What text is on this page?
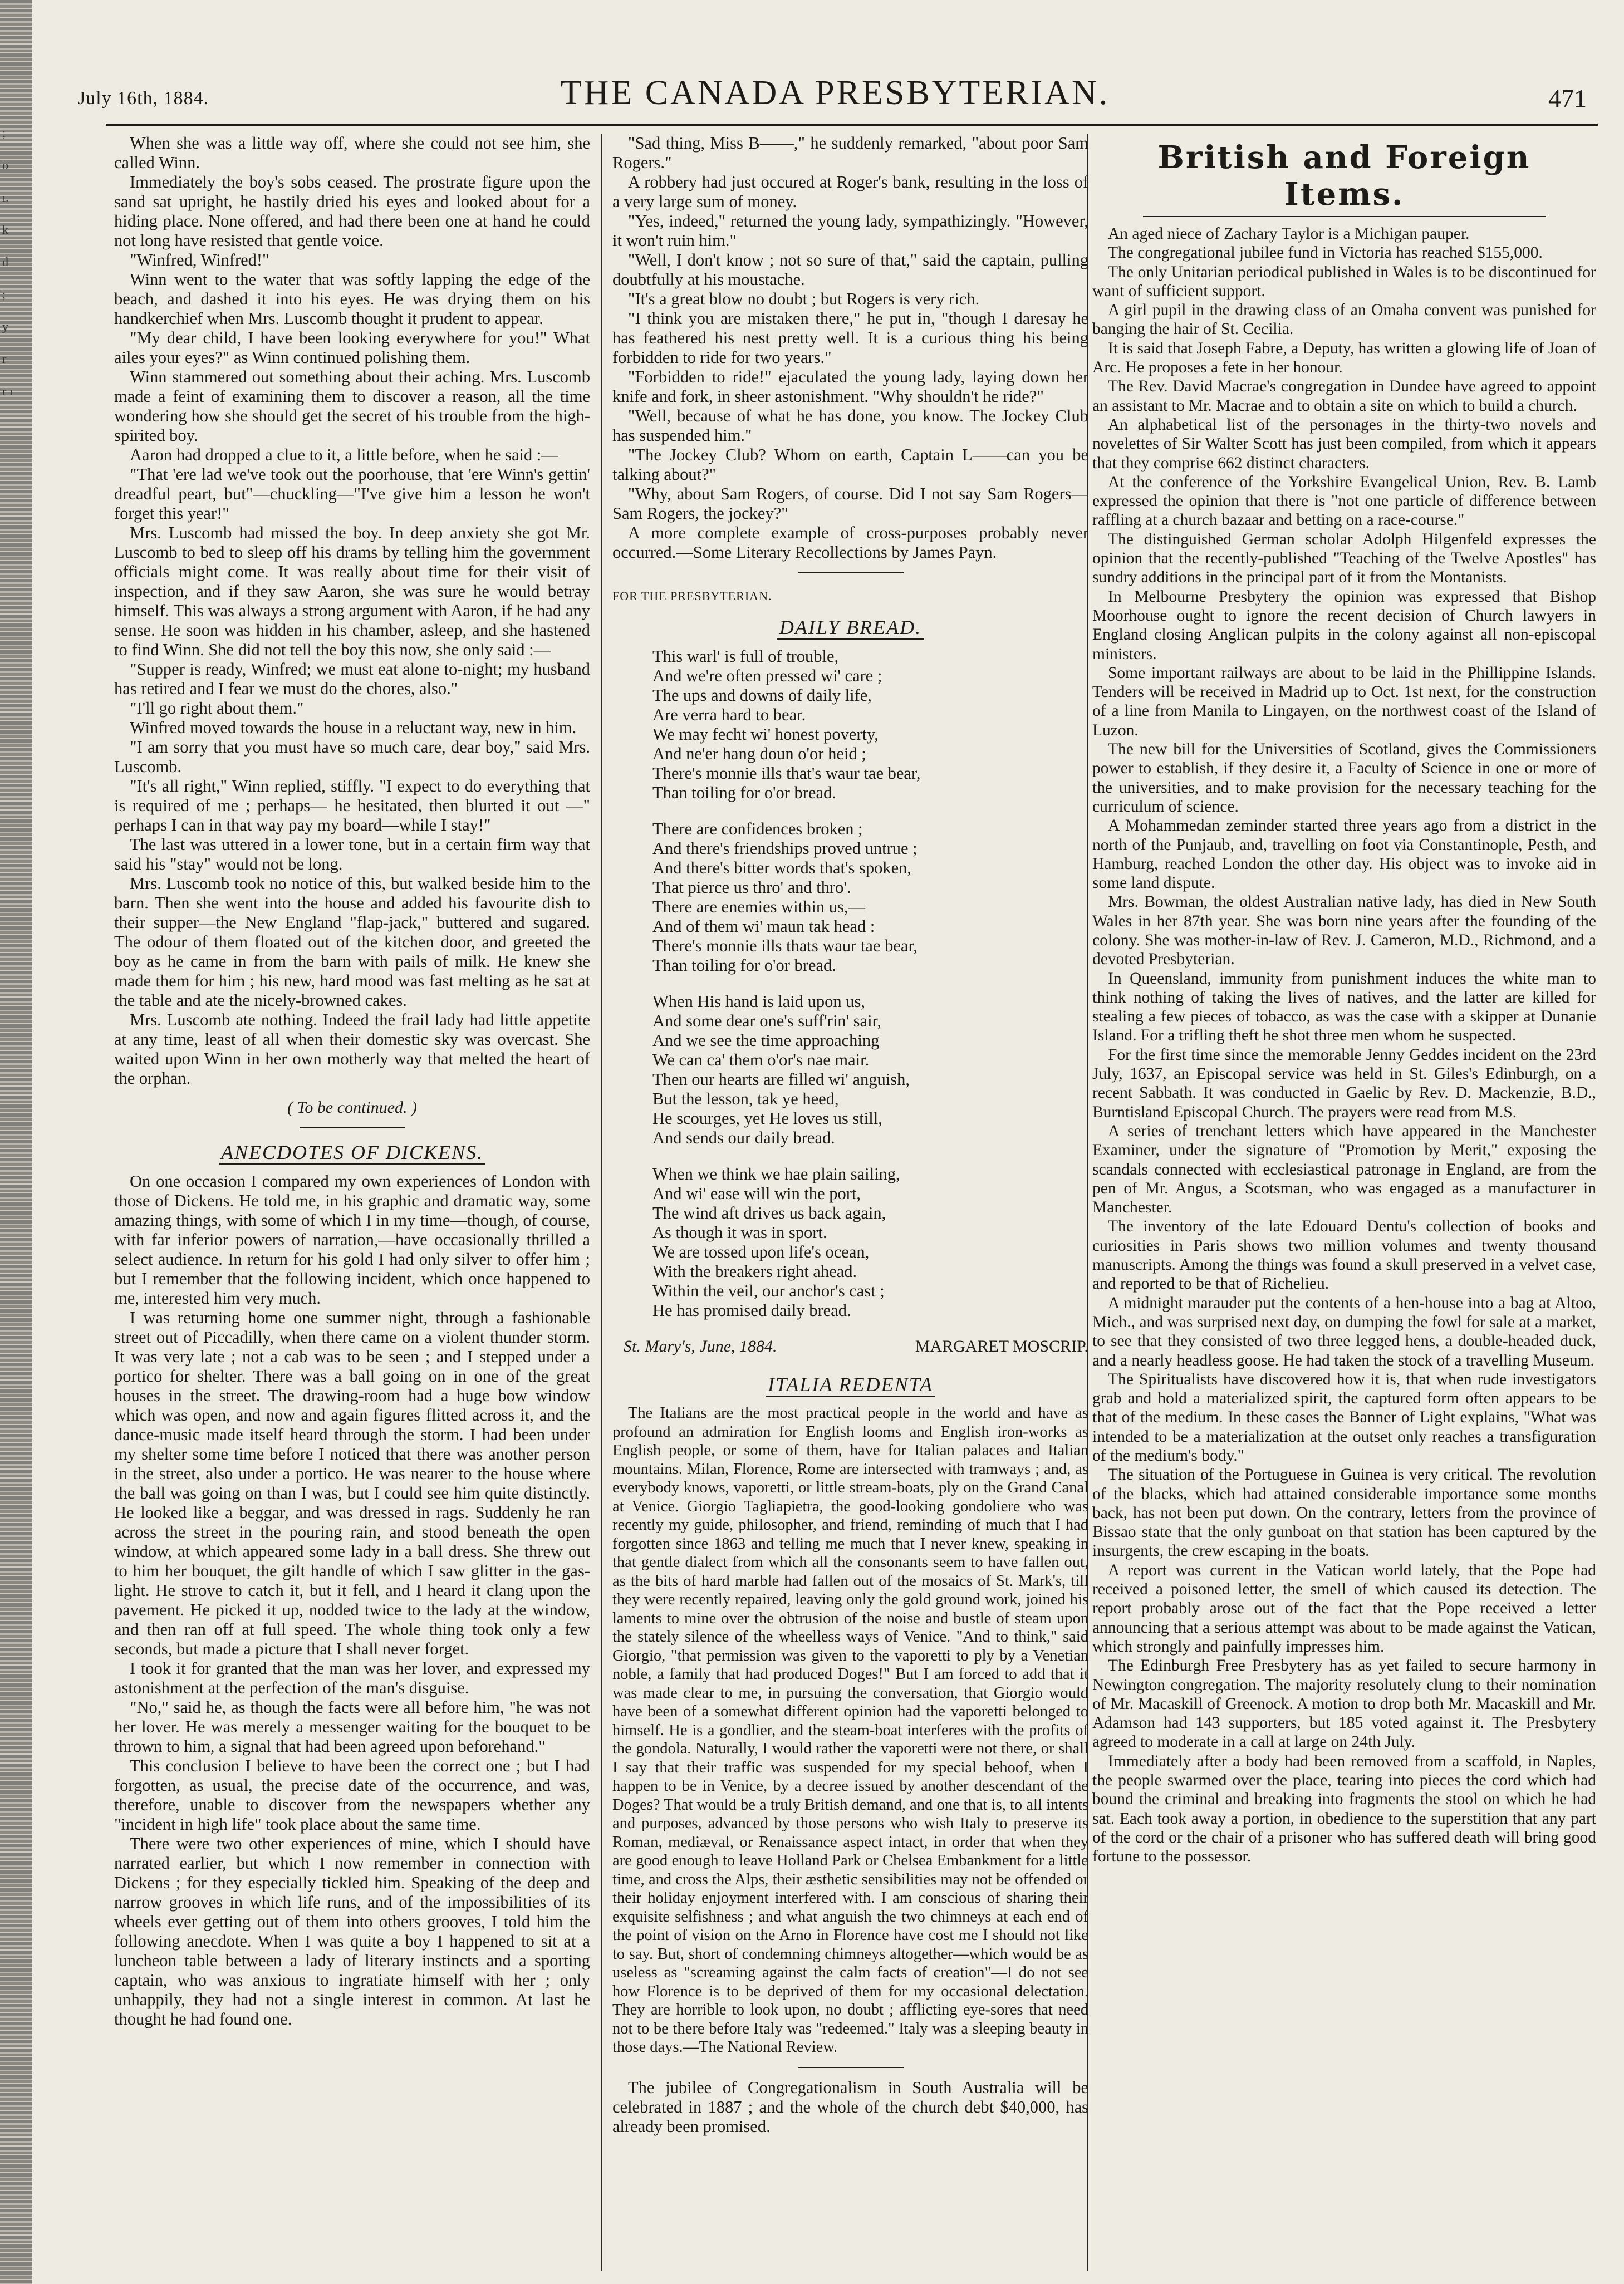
; o ı. k d ; y r r ı
July 16th, 1884.	THE CANADA PRESBYTERIAN.	471

When she was a little way off, where she could not see him, she called Winn.

Immediately the boy's sobs ceased. The prostrate figure upon the sand sat upright, he hastily dried his eyes and looked about for a hiding place. None offered, and had there been one at hand he could not long have resisted that gentle voice.

"Winfred, Winfred!"

Winn went to the water that was softly lapping the edge of the beach, and dashed it into his eyes. He was drying them on his handkerchief when Mrs. Luscomb thought it prudent to appear.

"My dear child, I have been looking everywhere for you!" What ailes your eyes?" as Winn continued polishing them.

Winn stammered out something about their aching. Mrs. Luscomb made a feint of examining them to discover a reason, all the time wondering how she should get the secret of his trouble from the high-spirited boy.

Aaron had dropped a clue to it, a little before, when he said :—

"That 'ere lad we've took out the poorhouse, that 'ere Winn's gettin' dreadful peart, but"—chuckling—"I've give him a lesson he won't forget this year!"

Mrs. Luscomb had missed the boy. In deep anxiety she got Mr. Luscomb to bed to sleep off his drams by telling him the government officials might come. It was really about time for their visit of inspection, and if they saw Aaron, she was sure he would betray himself. This was always a strong argument with Aaron, if he had any sense. He soon was hidden in his chamber, asleep, and she hastened to find Winn. She did not tell the boy this now, she only said :—

"Supper is ready, Winfred; we must eat alone to-night; my husband has retired and I fear we must do the chores, also."

"I'll go right about them."

Winfred moved towards the house in a reluctant way, new in him.

"I am sorry that you must have so much care, dear boy," said Mrs. Luscomb.

"It's all right," Winn replied, stiffly. "I expect to do everything that is required of me ; perhaps— he hesitated, then blurted it out —" perhaps I can in that way pay my board—while I stay!"

The last was uttered in a lower tone, but in a certain firm way that said his "stay" would not be long.

Mrs. Luscomb took no notice of this, but walked beside him to the barn. Then she went into the house and added his favourite dish to their supper—the New England "flap-jack," buttered and sugared. The odour of them floated out of the kitchen door, and greeted the boy as he came in from the barn with pails of milk. He knew she made them for him ; his new, hard mood was fast melting as he sat at the table and ate the nicely-browned cakes.

Mrs. Luscomb ate nothing. Indeed the frail lady had little appetite at any time, least of all when their domestic sky was overcast. She waited upon Winn in her own motherly way that melted the heart of the orphan.

( To be continued. )
ANECDOTES OF DICKENS.

On one occasion I compared my own experiences of London with those of Dickens. He told me, in his graphic and dramatic way, some amazing things, with some of which I in my time—though, of course, with far inferior powers of narration,—have occasionally thrilled a select audience. In return for his gold I had only silver to offer him ; but I remember that the following incident, which once happened to me, interested him very much.

I was returning home one summer night, through a fashionable street out of Piccadilly, when there came on a violent thunder storm. It was very late ; not a cab was to be seen ; and I stepped under a portico for shelter. There was a ball going on in one of the great houses in the street. The drawing-room had a huge bow window which was open, and now and again figures flitted across it, and the dance-music made itself heard through the storm. I had been under my shelter some time before I noticed that there was another person in the street, also under a portico. He was nearer to the house where the ball was going on than I was, but I could see him quite distinctly. He looked like a beggar, and was dressed in rags. Suddenly he ran across the street in the pouring rain, and stood beneath the open window, at which appeared some lady in a ball dress. She threw out to him her bouquet, the gilt handle of which I saw glitter in the gas-light. He strove to catch it, but it fell, and I heard it clang upon the pavement. He picked it up, nodded twice to the lady at the window, and then ran off at full speed. The whole thing took only a few seconds, but made a picture that I shall never forget.

I took it for granted that the man was her lover, and expressed my astonishment at the perfection of the man's disguise.

"No," said he, as though the facts were all before him, "he was not her lover. He was merely a messenger waiting for the bouquet to be thrown to him, a signal that had been agreed upon beforehand."

This conclusion I believe to have been the correct one ; but I had forgotten, as usual, the precise date of the occurrence, and was, therefore, unable to discover from the newspapers whether any "incident in high life" took place about the same time.

There were two other experiences of mine, which I should have narrated earlier, but which I now remember in connection with Dickens ; for they especially tickled him. Speaking of the deep and narrow grooves in which life runs, and of the impossibilities of its wheels ever getting out of them into others grooves, I told him the following anecdote. When I was quite a boy I happened to sit at a luncheon table between a lady of literary instincts and a sporting captain, who was anxious to ingratiate himself with her ; only unhappily, they had not a single interest in common. At last he thought he had found one.

"Sad thing, Miss B——," he suddenly remarked, "about poor Sam Rogers."

A robbery had just occured at Roger's bank, resulting in the loss of a very large sum of money.

"Yes, indeed," returned the young lady, sympathizingly. "However, it won't ruin him."

"Well, I don't know ; not so sure of that," said the captain, pulling doubtfully at his moustache.

"It's a great blow no doubt ; but Rogers is very rich.

"I think you are mistaken there," he put in, "though I daresay he has feathered his nest pretty well. It is a curious thing his being forbidden to ride for two years."

"Forbidden to ride!" ejaculated the young lady, laying down her knife and fork, in sheer astonishment. "Why shouldn't he ride?"

"Well, because of what he has done, you know. The Jockey Club has suspended him."

"The Jockey Club? Whom on earth, Captain L——can you be talking about?"

"Why, about Sam Rogers, of course. Did I not say Sam Rogers—Sam Rogers, the jockey?"

A more complete example of cross-purposes probably never occurred.—Some Literary Recollections by James Payn.

FOR THE PRESBYTERIAN.
DAILY BREAD.
This warl' is full of trouble,
And we're often pressed wi' care ;
The ups and downs of daily life,
Are verra hard to bear.
We may fecht wi' honest poverty,
And ne'er hang doun o'or heid ;
There's monnie ills that's waur tae bear,
Than toiling for o'or bread.
There are confidences broken ;
And there's friendships proved untrue ;
And there's bitter words that's spoken,
That pierce us thro' and thro'.
There are enemies within us,—
And of them wi' maun tak head :
There's monnie ills thats waur tae bear,
Than toiling for o'or bread.
When His hand is laid upon us,
And some dear one's suff'rin' sair,
And we see the time approaching
We can ca' them o'or's nae mair.
Then our hearts are filled wi' anguish,
But the lesson, tak ye heed,
He scourges, yet He loves us still,
And sends our daily bread.
When we think we hae plain sailing,
And wi' ease will win the port,
The wind aft drives us back again,
As though it was in sport.
We are tossed upon life's ocean,
With the breakers right ahead.
Within the veil, our anchor's cast ;
He has promised daily bread.
St. Mary's, June, 1884.	MARGARET MOSCRIP.
ITALIA REDENTA

The Italians are the most practical people in the world and have as profound an admiration for English looms and English iron-works as English people, or some of them, have for Italian palaces and Italian mountains. Milan, Florence, Rome are intersected with tramways ; and, as everybody knows, vaporetti, or little stream-boats, ply on the Grand Canal at Venice. Giorgio Tagliapietra, the good-looking gondoliere who was recently my guide, philosopher, and friend, reminding of much that I had forgotten since 1863 and telling me much that I never knew, speaking in that gentle dialect from which all the consonants seem to have fallen out, as the bits of hard marble had fallen out of the mosaics of St. Mark's, till they were recently repaired, leaving only the gold ground work, joined his laments to mine over the obtrusion of the noise and bustle of steam upon the stately silence of the wheelless ways of Venice. "And to think," said Giorgio, "that permission was given to the vaporetti to ply by a Venetian noble, a family that had produced Doges!" But I am forced to add that it was made clear to me, in pursuing the conversation, that Giorgio would have been of a somewhat different opinion had the vaporetti belonged to himself. He is a gondlier, and the steam-boat interferes with the profits of the gondola. Naturally, I would rather the vaporetti were not there, or shall I say that their traffic was suspended for my special behoof, when I happen to be in Venice, by a decree issued by another descendant of the Doges? That would be a truly British demand, and one that is, to all intents and purposes, advanced by those persons who wish Italy to preserve its Roman, mediæval, or Renaissance aspect intact, in order that when they are good enough to leave Holland Park or Chelsea Embankment for a little time, and cross the Alps, their æsthetic sensibilities may not be offended or their holiday enjoyment interfered with. I am conscious of sharing their exquisite selfishness ; and what anguish the two chimneys at each end of the point of vision on the Arno in Florence have cost me I should not like to say. But, short of condemning chimneys altogether—which would be as useless as "screaming against the calm facts of creation"—I do not see how Florence is to be deprived of them for my occasional delectation. They are horrible to look upon, no doubt ; afflicting eye-sores that need not to be there before Italy was "redeemed." Italy was a sleeping beauty in those days.—The National Review.

The jubilee of Congregationalism in South Australia will be celebrated in 1887 ; and the whole of the church debt $40,000, has already been promised.

British and Foreign Items.

An aged niece of Zachary Taylor is a Michigan pauper.

The congregational jubilee fund in Victoria has reached $155,000.

The only Unitarian periodical published in Wales is to be discontinued for want of sufficient support.

A girl pupil in the drawing class of an Omaha convent was punished for banging the hair of St. Cecilia.

It is said that Joseph Fabre, a Deputy, has written a glowing life of Joan of Arc. He proposes a fete in her honour.

The Rev. David Macrae's congregation in Dundee have agreed to appoint an assistant to Mr. Macrae and to obtain a site on which to build a church.

An alphabetical list of the personages in the thirty-two novels and novelettes of Sir Walter Scott has just been compiled, from which it appears that they comprise 662 distinct characters.

At the conference of the Yorkshire Evangelical Union, Rev. B. Lamb expressed the opinion that there is "not one particle of difference between raffling at a church bazaar and betting on a race-course."

The distinguished German scholar Adolph Hilgenfeld expresses the opinion that the recently-published "Teaching of the Twelve Apostles" has sundry additions in the principal part of it from the Montanists.

In Melbourne Presbytery the opinion was expressed that Bishop Moorhouse ought to ignore the recent decision of Church lawyers in England closing Anglican pulpits in the colony against all non-episcopal ministers.

Some important railways are about to be laid in the Phillippine Islands. Tenders will be received in Madrid up to Oct. 1st next, for the construction of a line from Manila to Lingayen, on the northwest coast of the Island of Luzon.

The new bill for the Universities of Scotland, gives the Commissioners power to establish, if they desire it, a Faculty of Science in one or more of the universities, and to make provision for the necessary teaching for the curriculum of science.

A Mohammedan zeminder started three years ago from a district in the north of the Punjaub, and, travelling on foot via Constantinople, Pesth, and Hamburg, reached London the other day. His object was to invoke aid in some land dispute.

Mrs. Bowman, the oldest Australian native lady, has died in New South Wales in her 87th year. She was born nine years after the founding of the colony. She was mother-in-law of Rev. J. Cameron, M.D., Richmond, and a devoted Presbyterian.

In Queensland, immunity from punishment induces the white man to think nothing of taking the lives of natives, and the latter are killed for stealing a few pieces of tobacco, as was the case with a skipper at Dunanie Island. For a trifling theft he shot three men whom he suspected.

For the first time since the memorable Jenny Geddes incident on the 23rd July, 1637, an Episcopal service was held in St. Giles's Edinburgh, on a recent Sabbath. It was conducted in Gaelic by Rev. D. Mackenzie, B.D., Burntisland Episcopal Church. The prayers were read from M.S.

A series of trenchant letters which have appeared in the Manchester Examiner, under the signature of "Promotion by Merit," exposing the scandals connected with ecclesiastical patronage in England, are from the pen of Mr. Angus, a Scotsman, who was engaged as a manufacturer in Manchester.

The inventory of the late Edouard Dentu's collection of books and curiosities in Paris shows two million volumes and twenty thousand manuscripts. Among the things was found a skull preserved in a velvet case, and reported to be that of Richelieu.

A midnight marauder put the contents of a hen-house into a bag at Altoo, Mich., and was surprised next day, on dumping the fowl for sale at a market, to see that they consisted of two three legged hens, a double-headed duck, and a nearly headless goose. He had taken the stock of a travelling Museum.

The Spiritualists have discovered how it is, that when rude investigators grab and hold a materialized spirit, the captured form often appears to be that of the medium. In these cases the Banner of Light explains, "What was intended to be a materialization at the outset only reaches a transfiguration of the medium's body."

The situation of the Portuguese in Guinea is very critical. The revolution of the blacks, which had attained considerable importance some months back, has not been put down. On the contrary, letters from the province of Bissao state that the only gunboat on that station has been captured by the insurgents, the crew escaping in the boats.

A report was current in the Vatican world lately, that the Pope had received a poisoned letter, the smell of which caused its detection. The report probably arose out of the fact that the Pope received a letter announcing that a serious attempt was about to be made against the Vatican, which strongly and painfully impresses him.

The Edinburgh Free Presbytery has as yet failed to secure harmony in Newington congregation. The majority resolutely clung to their nomination of Mr. Macaskill of Greenock. A motion to drop both Mr. Macaskill and Mr. Adamson had 143 supporters, but 185 voted against it. The Presbytery agreed to moderate in a call at large on 24th July.

Immediately after a body had been removed from a scaffold, in Naples, the people swarmed over the place, tearing into pieces the cord which had bound the criminal and breaking into fragments the stool on which he had sat. Each took away a portion, in obedience to the superstition that any part of the cord or the chair of a prisoner who has suffered death will bring good fortune to the possessor.
